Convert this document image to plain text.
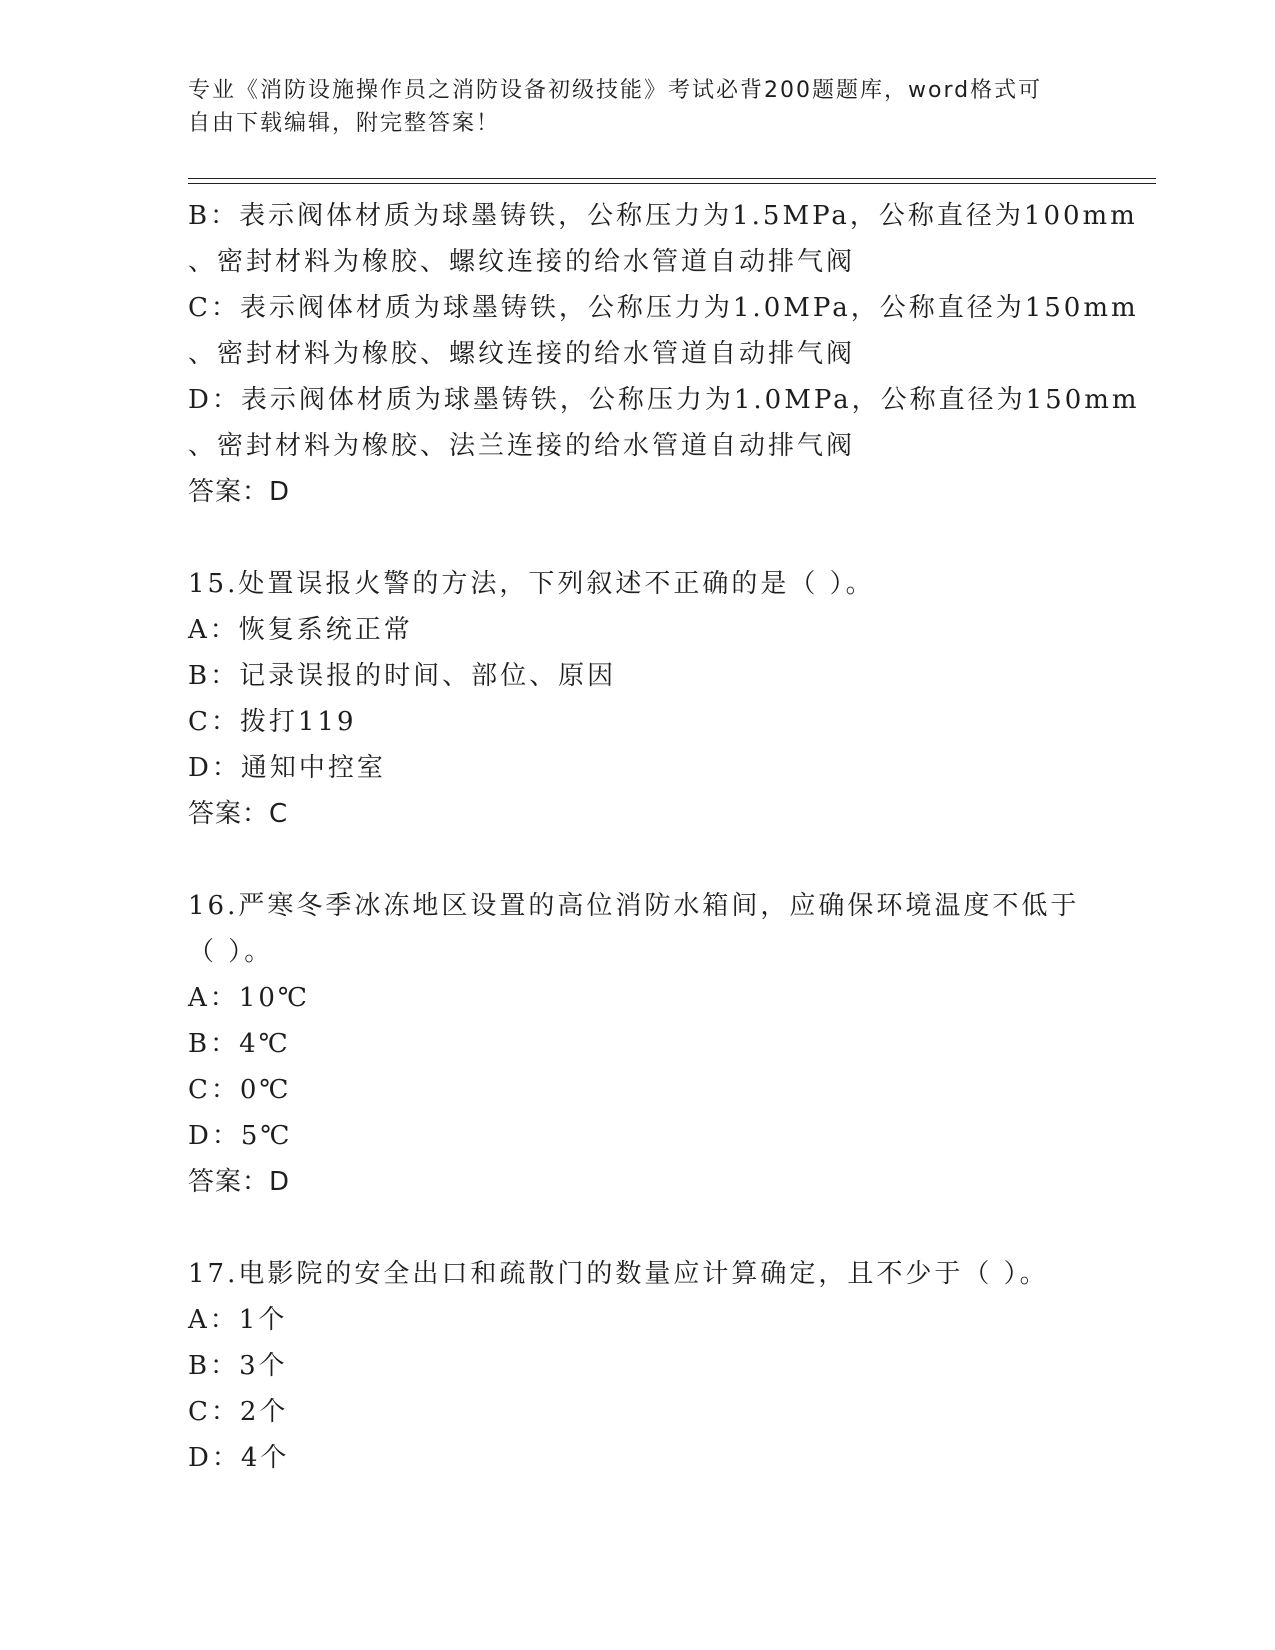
专业《消防设施操作员之消防设备初级技能》考试必背200题题库，word格式可
自由下载编辑，附完整答案！
B：表示阀体材质为球墨铸铁，公称压力为1.5MPa，公称直径为100mm
、密封材料为橡胶、螺纹连接的给水管道自动排气阀
C：表示阀体材质为球墨铸铁，公称压力为1.0MPa，公称直径为150mm
、密封材料为橡胶、螺纹连接的给水管道自动排气阀
D：表示阀体材质为球墨铸铁，公称压力为1.0MPa，公称直径为150mm
、密封材料为橡胶、法兰连接的给水管道自动排气阀
答案：D
15.处置误报火警的方法，下列叙述不正确的是（ ）。
A：恢复系统正常
B：记录误报的时间、部位、原因
C：拨打119
D：通知中控室
答案：C
16.严寒冬季冰冻地区设置的高位消防水箱间，应确保环境温度不低于
（ ）。
A：10℃
B：4℃
C：0℃
D：5℃
答案：D
17.电影院的安全出口和疏散门的数量应计算确定，且不少于（ ）。
A：1个
B：3个
C：2个
D：4个
